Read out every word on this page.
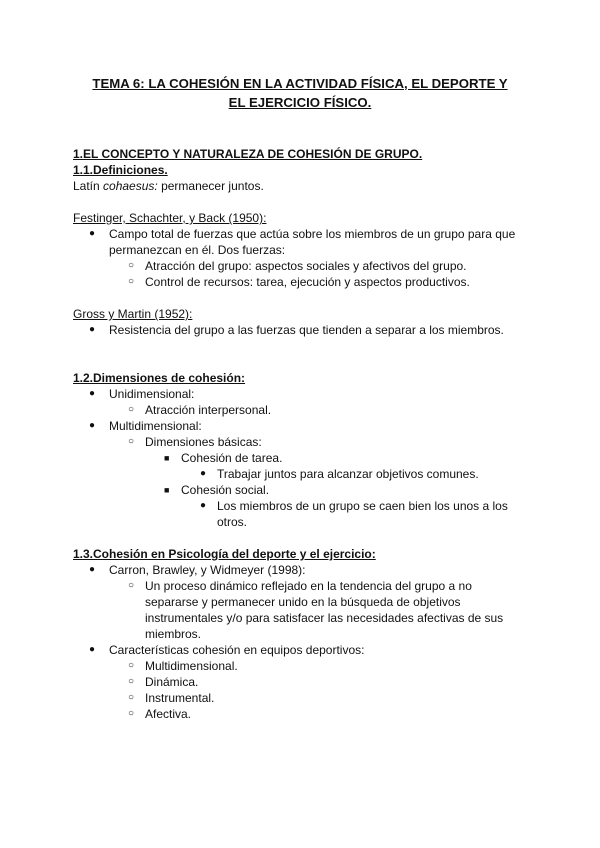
TEMA 6: LA COHESIÓN EN LA ACTIVIDAD FÍSICA, EL DEPORTE Y
EL EJERCICIO FÍSICO.
1.EL CONCEPTO Y NATURALEZA DE COHESIÓN DE GRUPO.
1.1.Definiciones.
Latín cohaesus: permanecer juntos.
Festinger, Schachter, y Back (1950):
● Campo total de fuerzas que actúa sobre los miembros de un grupo para que
permanezcan en él. Dos fuerzas:
○ Atracción del grupo: aspectos sociales y afectivos del grupo.
○ Control de recursos: tarea, ejecución y aspectos productivos.
Gross y Martin (1952):
● Resistencia del grupo a las fuerzas que tienden a separar a los miembros.
1.2.Dimensiones de cohesión:
● Unidimensional:
○ Atracción interpersonal.
● Multidimensional:
○ Dimensiones básicas:
■ Cohesión de tarea.
● Trabajar juntos para alcanzar objetivos comunes.
■ Cohesión social.
● Los miembros de un grupo se caen bien los unos a los
otros.
1.3.Cohesión en Psicología del deporte y el ejercicio:
● Carron, Brawley, y Widmeyer (1998):
○ Un proceso dinámico reflejado en la tendencia del grupo a no
separarse y permanecer unido en la búsqueda de objetivos
instrumentales y/o para satisfacer las necesidades afectivas de sus
miembros.
● Características cohesión en equipos deportivos:
○ Multidimensional.
○ Dinámica.
○ Instrumental.
○ Afectiva.
